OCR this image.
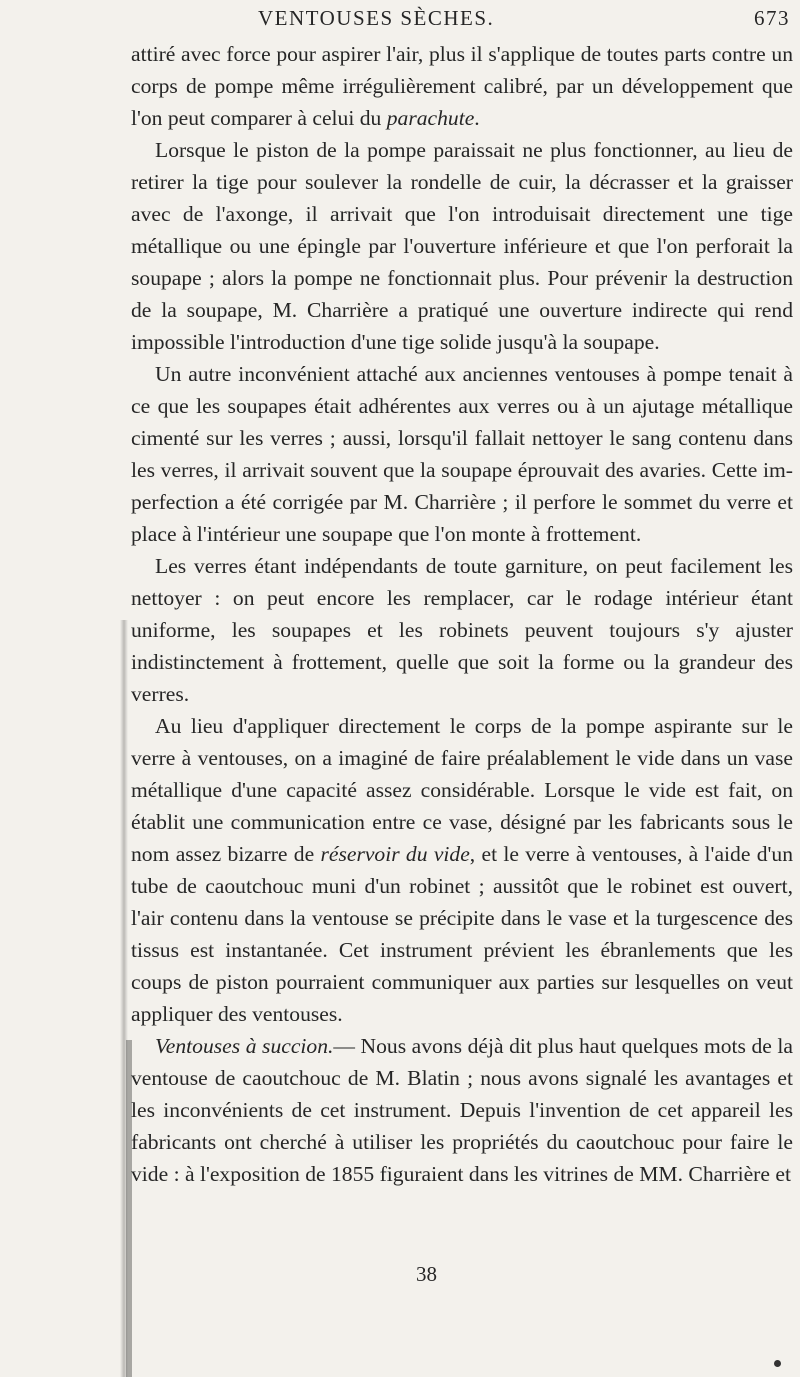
VENTOUSES SÈCHES.	673

attiré avec force pour aspirer l'air, plus il s'applique de toutes parts contre un corps de pompe même irrégulièrement calibré, par un développement que l'on peut comparer à celui du parachute.

Lorsque le piston de la pompe paraissait ne plus fonctionner, au lieu de retirer la tige pour soulever la rondelle de cuir, la décrasser et la graisser avec de l'axonge, il arrivait que l'on introduisait directement une tige métallique ou une épingle par l'ouverture inférieure et que l'on perforait la soupape ; alors la pompe ne fonctionnait plus. Pour prévenir la destruction de la soupape, M. Charrière a pratiqué une ouverture indirecte qui rend impossible l'introduction d'une tige solide jusqu'à la soupape.

Un autre inconvénient attaché aux anciennes ventouses à pompe tenait à ce que les soupapes était adhérentes aux verres ou à un ajutage métallique cimenté sur les verres ; aussi, lorsqu'il fallait nettoyer le sang contenu dans les verres, il arrivait souvent que la soupape éprouvait des avaries. Cette imperfection a été corrigée par M. Charrière ; il perfore le sommet du verre et place à l'intérieur une soupape que l'on monte à frottement.

Les verres étant indépendants de toute garniture, on peut facilement les nettoyer : on peut encore les remplacer, car le rodage intérieur étant uniforme, les soupapes et les robinets peuvent toujours s'y ajuster indistinctement à frottement, quelle que soit la forme ou la grandeur des verres.

Au lieu d'appliquer directement le corps de la pompe aspirante sur le verre à ventouses, on a imaginé de faire préalablement le vide dans un vase métallique d'une capacité assez considérable. Lorsque le vide est fait, on établit une communication entre ce vase, désigné par les fabricants sous le nom assez bizarre de réservoir du vide, et le verre à ventouses, à l'aide d'un tube de caoutchouc muni d'un robinet ; aussitôt que le robinet est ouvert, l'air contenu dans la ventouse se précipite dans le vase et la turgescence des tissus est instantanée. Cet instrument prévient les ébranlements que les coups de piston pourraient communiquer aux parties sur lesquelles on veut appliquer des ventouses.

Ventouses à succion.— Nous avons déjà dit plus haut quelques mots de la ventouse de caoutchouc de M. Blatin ; nous avons signalé les avantages et les inconvénients de cet instrument. Depuis l'invention de cet appareil les fabricants ont cherché à utiliser les propriétés du caoutchouc pour faire le vide : à l'exposition de 1855 figuraient dans les vitrines de MM. Charrière et

38
